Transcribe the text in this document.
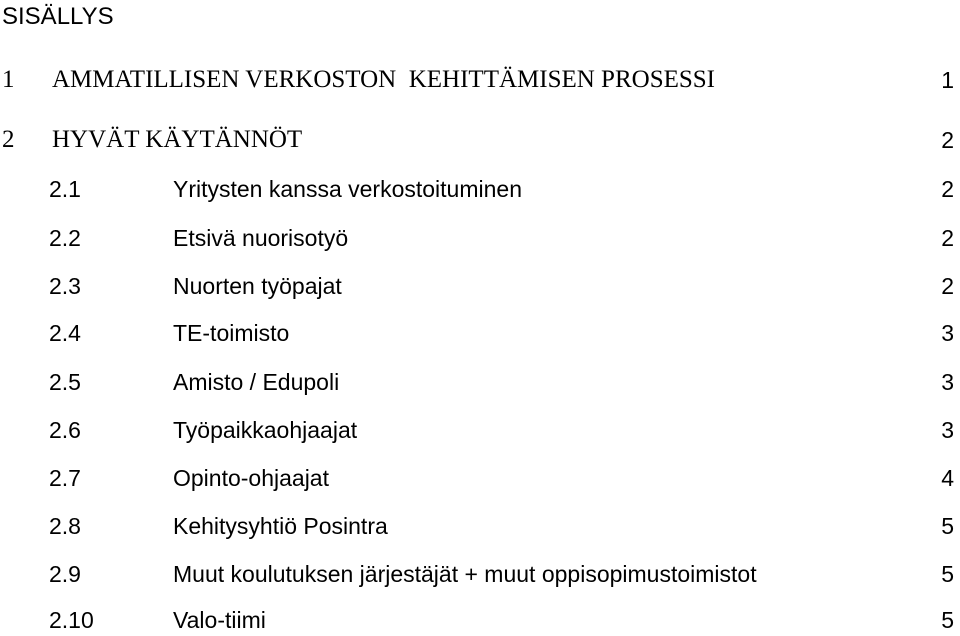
SISÄLLYS
1 AMMATILLISEN VERKOSTON  KEHITTÄMISEN PROSESSI	1
2 HYVÄT KÄYTÄNNÖT	2
2.1	Yritysten kanssa verkostoituminen	2
2.2	Etsivä nuorisotyö	2
2.3	Nuorten työpajat	2
2.4	TE-toimisto	3
2.5	Amisto / Edupoli	3
2.6	Työpaikkaohjaajat	3
2.7	Opinto-ohjaajat	4
2.8	Kehitysyhtiö Posintra	5
2.9	Muut koulutuksen järjestäjät + muut oppisopimustoimistot	5
2.10	Valo-tiimi	5
